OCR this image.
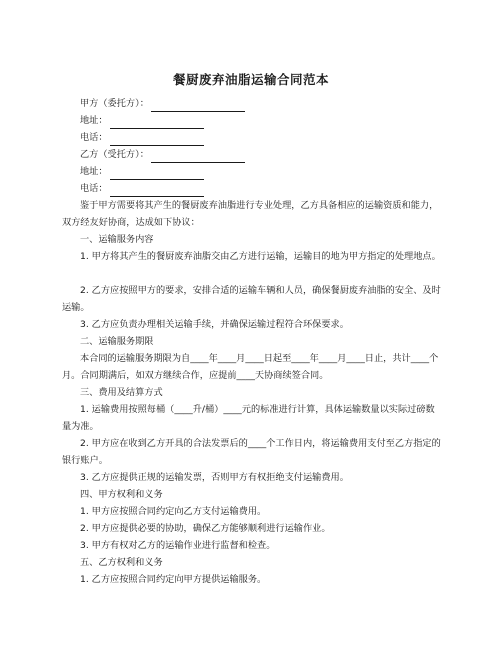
餐厨废弃油脂运输合同范本
甲方（委托方）：
地址：
电话：
乙方（受托方）：
地址：
电话：
鉴于甲方需要将其产生的餐厨废弃油脂进行专业处理，乙方具备相应的运输资质和能力，双方经友好协商，达成如下协议：
一、运输服务内容
1. 甲方将其产生的餐厨废弃油脂交由乙方进行运输，运输目的地为甲方指定的处理地点。
2. 乙方应按照甲方的要求，安排合适的运输车辆和人员，确保餐厨废弃油脂的安全、及时运输。
3. 乙方应负责办理相关运输手续，并确保运输过程符合环保要求。
二、运输服务期限
本合同的运输服务期限为自____年____月____日起至____年____月____日止，共计____个月。合同期满后，如双方继续合作，应提前____天协商续签合同。
三、费用及结算方式
1. 运输费用按照每桶（____升/桶）____元的标准进行计算，具体运输数量以实际过磅数量为准。
2. 甲方应在收到乙方开具的合法发票后的____个工作日内，将运输费用支付至乙方指定的银行账户。
3. 乙方应提供正规的运输发票，否则甲方有权拒绝支付运输费用。
四、甲方权利和义务
1. 甲方应按照合同约定向乙方支付运输费用。
2. 甲方应提供必要的协助，确保乙方能够顺利进行运输作业。
3. 甲方有权对乙方的运输作业进行监督和检查。
五、乙方权利和义务
1. 乙方应按照合同约定向甲方提供运输服务。
